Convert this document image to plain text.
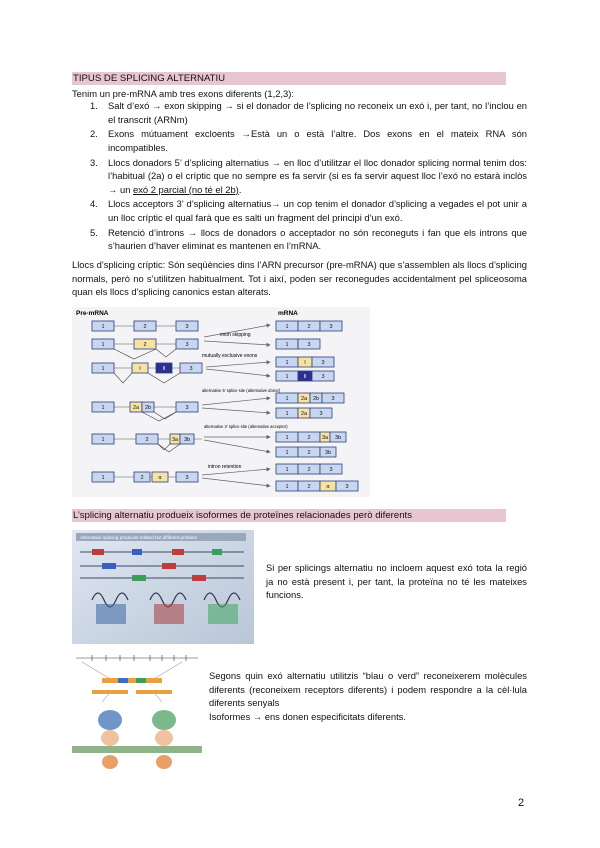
TIPUS DE SPLICING ALTERNATIU
Tenim un pre-mRNA amb tres exons diferents (1,2,3):
1. Salt d’exó → exon skipping → si el donador de l’splicing no reconeix un exó i, per tant, no l’inclou en el transcrit (ARNm)
2. Exons mútuament excloents →Està un o està l’altre. Dos exons en el mateix RNA són incompatibles.
3. Llocs donadors 5’ d’splicing alternatius → en lloc d’utilitzar el lloc donador splicing normal tenim dos: l’habitual (2a) o el críptic que no sempre es fa servir (si es fa servir aquest lloc l’exó no estarà inclòs → un exó 2 parcial (no té el 2b).
4. Llocs acceptors 3’ d’splicing alternatius→ un cop tenim el donador d’splicing a vegades el pot unir a un lloc críptic el qual farà que es salti un fragment del principi d’un exó.
5. Retenció d’introns → llocs de donadors o acceptador no són reconeguts i fan que els introns que s’haurien d’haver eliminat es mantenen en l’mRNA.
Llocs d’splicing críptic: Són seqüències dins l’ARN precursor (pre-mRNA) que s’assemblen als llocs d’splicing normals, però no s’utilitzen habitualment. Tot i així, poden ser reconegudes accidentalment pel spliceosoma quan els llocs d’splicing canonics estan alterats.
Pre-mRNA	mRNA
exon skipping
mutually exclusive exons
alternative 5’ splice site (alternative donor)
alternative 3’ splice site (alternative acceptor)
intron retention
1	2	3
1	2	3
1	2	3
1	3
1	I	II	3
1	I	3
1	II	3
1	2a 2b	3
1 2a 2b 3
1 2a 3
1	2	3a 3b	1	2 3a 3b
1	2	3b
1	2	α	3
1	2	3
1	2	α	3
L’splicing alternatiu produeix isoformes de proteïnes relacionades però diferents
Alternative splicing produces related but different proteins
Si per splicings alternatiu no incloem aquest exó tota la regió ja no està present i, per tant, la proteïna no té les mateixes funcions.
Segons quin exó alternatiu utilitzis “blau o verd” reconeixerem molècules diferents (reconeixem receptors diferents) i podem respondre a la cèl·lula diferents senyals
Isoformes → ens donen especificitats diferents.
2
